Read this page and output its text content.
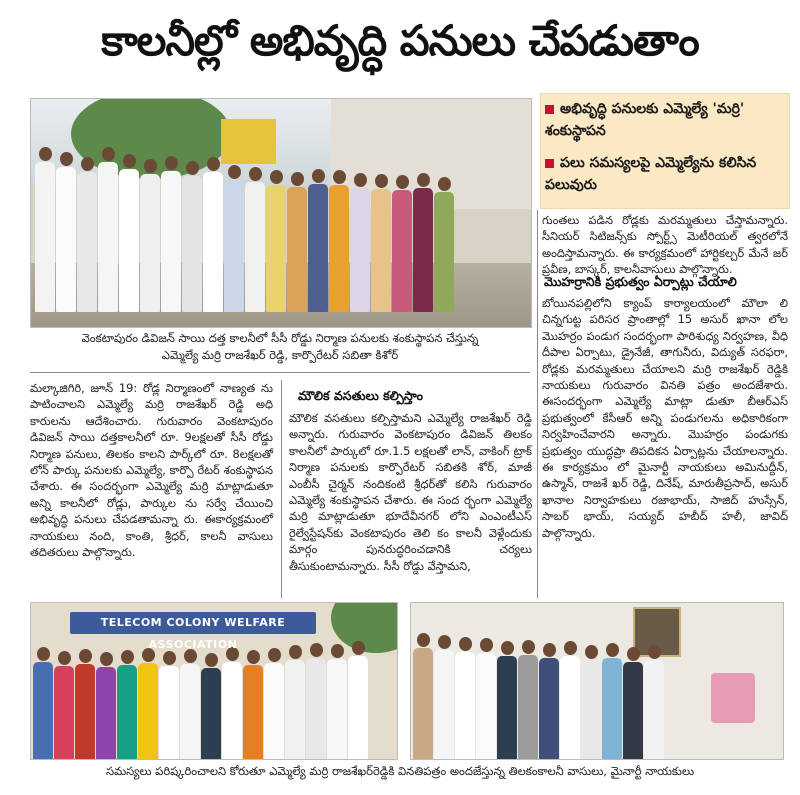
కాలనీల్లో అభివృద్ధి పనులు చేపడుతాం
అభివృద్ధి పనులకు ఎమ్మెల్యే 'మర్రి' శంకుస్థాపన
పలు సమస్యలపై ఎమ్మెల్యేను కలిసిన పలువురు
వెంకటాపురం డివిజన్ సాయి దత్త కాలనీలో సీసీ రోడ్డు నిర్మాణ పనులకు శంకుస్థాపన చేస్తున్న
ఎమ్మెల్యే మర్రి రాజశేఖర్ రెడ్డి, కార్పొరేటర్ సబితా కిశోర్
మల్కాజిగిరి, జూన్ 19: రోడ్ల నిర్మాణంలో నాణ్యత ను పాటించాలని ఎమ్మెల్యే మర్రి రాజశేఖర్ రెడ్డి అధి కారులను ఆదేశించారు. గురువారం వెంకటాపురం డివిజన్ సాయి దత్తకాలనీలో రూ. 9లక్షలతో సీసీ రోడ్డు నిర్మాణ పనులు, తిలకం కాలని పార్క్‌లో రూ. 8లక్షలతో లోన్ పార్కు పనులకు ఎమ్మెల్యే, కార్పొ రేటర్ శంకుస్థాపన చేశారు. ఈ సందర్భంగా ఎమ్మెల్యే మర్రి మాట్లాడుతూ అన్ని కాలనీలో రోడ్లు, పార్కుల ను సర్వే చేయించి అభివృద్ధి పనులు చేపడతామన్నా రు. ఈకార్యక్రమంలో నాయకులు నంది, కాంతి, శ్రీధర్, కాలనీ వాసులు తదితరులు పాల్గొన్నారు.
మౌలిక వసతులు కల్పిస్తాం
మౌలిక వసతులు కల్పిస్తామని ఎమ్మెల్యే రాజశేఖర్ రెడ్డి అన్నారు. గురువారం వెంకటాపురం డివిజన్ తిలకం కాలనీలో పార్కులో రూ.1.5 లక్షలతో లాన్, వాకింగ్ ట్రాక్ నిర్మాణ పనులకు కార్పొరేటర్ సబితకి శోర్, మాజీ ఎంబీసీ చైర్మన్ నందికంటి శ్రీధర్‌తో కలిసి గురువారం ఎమ్మెల్యే శంకుస్థాపన చేశారు. ఈ సంద ర్భంగా ఎమ్మెల్యే మర్రి మాట్లాడుతూ భూదేవీనగర్ లోని ఎంఎంటీఎస్ రైల్వేస్టేషన్‌కు వెంకటాపురం తెలి కం కాలనీ వెళ్లేందుకు మార్గం పునరుద్ధరించడానికి చర్యలు తీసుకుంటామన్నారు. సీసీ రోడ్డు వేస్తామని,
గుంతలు పడిన రోడ్లకు మరమ్మతులు చేస్తామన్నారు. సీనియర్ సిటిజన్స్‌కు స్పోర్ట్స్ మెటీరియల్ త్వరలోనే అందిస్తామన్నారు. ఈ కార్యక్రమంలో హార్టికల్చర్ మేనే జర్ ప్రవీణ, బాస్కర్, కాలనీవాసులు పాల్గొన్నారు.
మొహర్రానికి ప్రభుత్వం ఏర్పాట్లు చేయాలి
బోయినపల్లిలోని క్యాంప్ కార్యాలయంలో మౌలా లి చిన్నగుట్ట పరిసర ప్రాంతాల్లో 15 అసుర్ ఖానా లోల మొహర్రం పండుగ సందర్భంగా పారిశుధ్య నిర్వహణ, వీధి దీపాల ఏర్పాటు, డ్రైనేజీ, తాగునీరు, విద్యుత్ సరఫరా, రోడ్లకు మరమ్మతులు చేయాలని మర్రి రాజశేఖర్ రెడ్డికి నాయకులు గురువారం వినతి పత్రం అందజేశారు. ఈసందర్భంగా ఎమ్మెల్యే మాట్లా డుతూ బీఆర్ఎస్ ప్రభుత్వంలో కేసీఆర్ అన్ని పండుగలను అధికారికంగా నిర్వహించేవారని అన్నారు. మొహర్రం పండుగకు ప్రభుత్వం యుద్ధప్రా తిపదికన ఏర్పాట్లను చేయాలన్నారు. ఈ కార్యక్రమం లో మైనార్టీ నాయకులు అమినుద్దీన్, ఉస్మాన్, రాజశే ఖర్ రెడ్డి, దినేష్, మారుతీప్రసాద్, అసుర్ ఖానాల నిర్వాహకులు రజాభాయ్, సాజిద్ హుస్సేన్, సాబర్ భాయ్, సయ్యద్ హబీద్ హలీ, జావిద్ పాల్గొన్నారు.
TELECOM COLONY WELFARE ASSOCIATION
సమస్యలు పరిష్కరించాలని కోరుతూ ఎమ్మెల్యే మర్రి రాజశేఖర్‌రెడ్డికి వినతిపత్రం అందజేస్తున్న తిలకంకాలనీ వాసులు, మైనార్టీ నాయకులు
